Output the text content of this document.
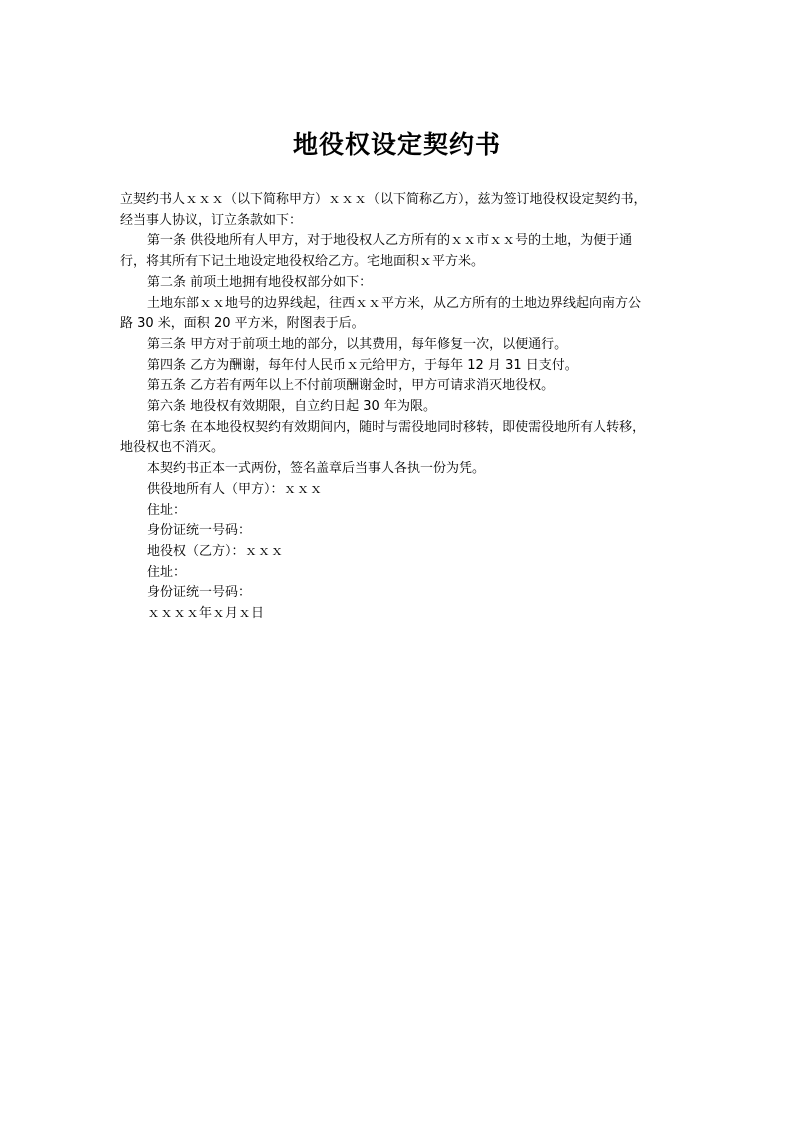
地役权设定契约书

立契约书人ｘｘｘ（以下简称甲方）ｘｘｘ（以下简称乙方），兹为签订地役权设定契约书，

经当事人协议，订立条款如下：

第一条 供役地所有人甲方，对于地役权人乙方所有的ｘｘ市ｘｘ号的土地，为便于通

行，将其所有下记土地设定地役权给乙方。宅地面积ｘ平方米。

第二条 前项土地拥有地役权部分如下：

土地东部ｘｘ地号的边界线起，往西ｘｘ平方米，从乙方所有的土地边界线起向南方公

路 30 米，面积 20 平方米，附图表于后。

第三条 甲方对于前项土地的部分，以其费用，每年修复一次，以便通行。

第四条 乙方为酬谢，每年付人民币ｘ元给甲方，于每年 12 月 31 日支付。

第五条 乙方若有两年以上不付前项酬谢金时，甲方可请求消灭地役权。

第六条 地役权有效期限，自立约日起 30 年为限。

第七条 在本地役权契约有效期间内，随时与需役地同时移转，即使需役地所有人转移，

地役权也不消灭。

本契约书正本一式两份，签名盖章后当事人各执一份为凭。

供役地所有人（甲方）：ｘｘｘ

住址：

身份证统一号码：

地役权（乙方）：ｘｘｘ

住址：

身份证统一号码：

ｘｘｘｘ年ｘ月ｘ日
